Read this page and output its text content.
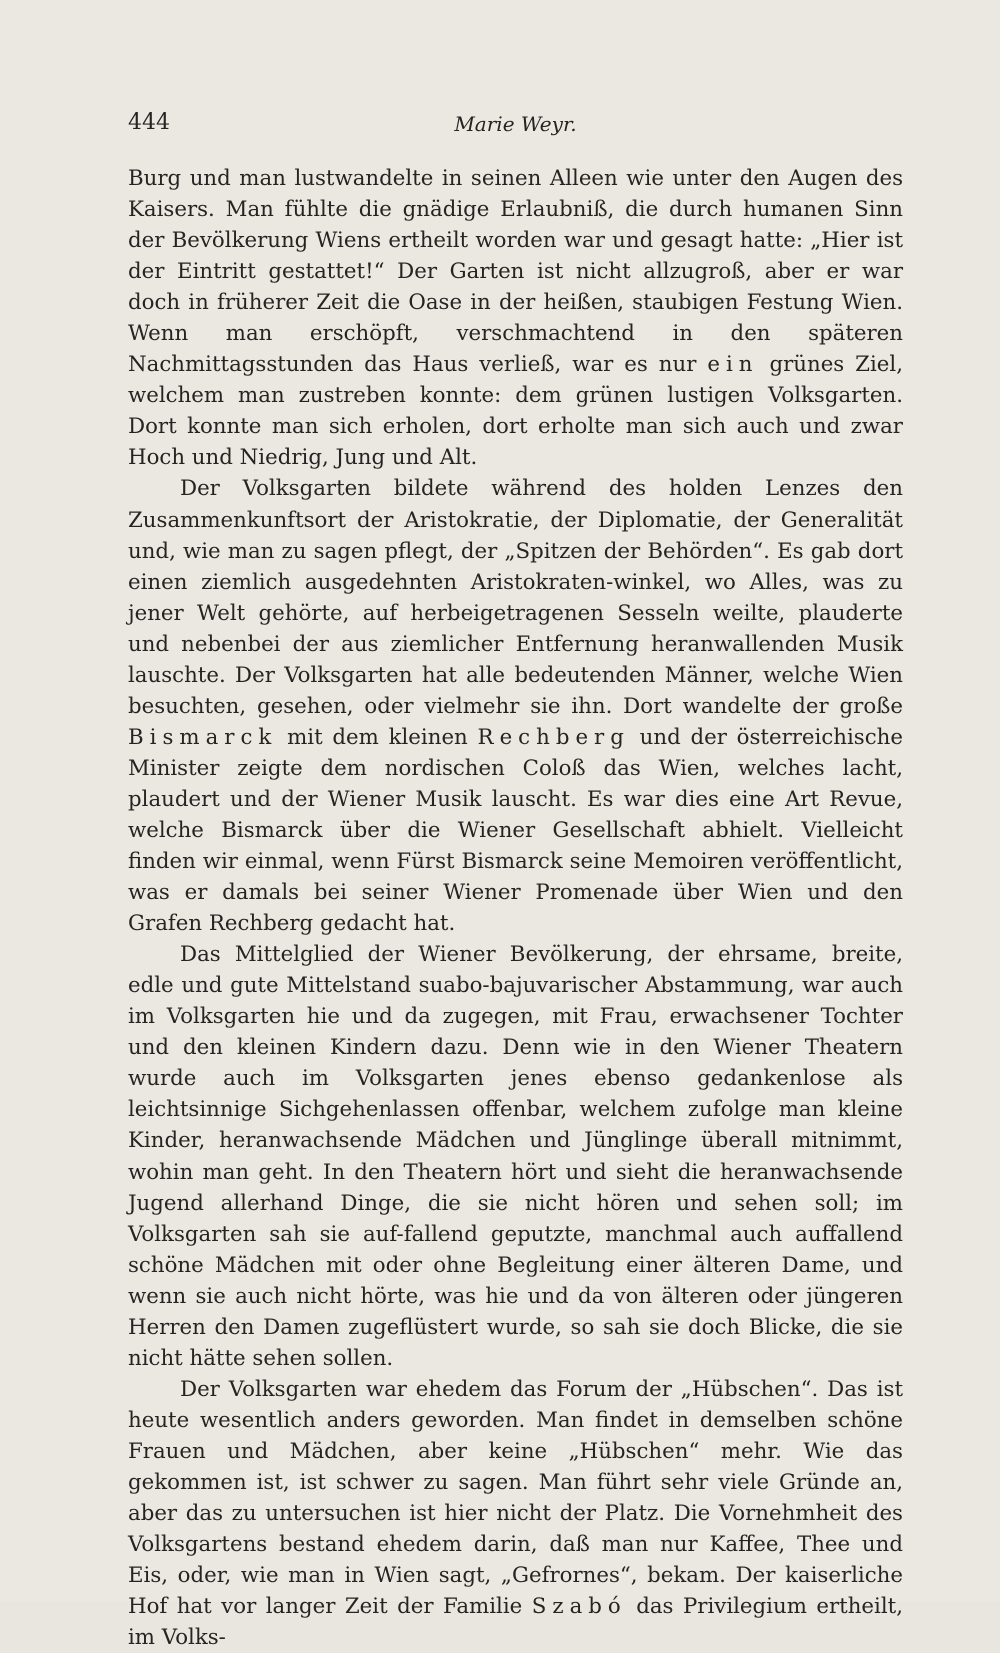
444	Marie Weyr.

Burg und man lustwandelte in seinen Alleen wie unter den Augen des Kaisers. Man fühlte die gnädige Erlaubniß, die durch humanen Sinn der Bevölkerung Wiens ertheilt worden war und gesagt hatte: „Hier ist der Eintritt gestattet!“ Der Garten ist nicht allzugroß, aber er war doch in früherer Zeit die Oase in der heißen, staubigen Festung Wien. Wenn man erschöpft, verschmachtend in den späteren Nachmittagsstunden das Haus verließ, war es nur ein grünes Ziel, welchem man zustreben konnte: dem grünen lustigen Volksgarten. Dort konnte man sich erholen, dort erholte man sich auch und zwar Hoch und Niedrig, Jung und Alt.

Der Volksgarten bildete während des holden Lenzes den Zusammenkunftsort der Aristokratie, der Diplomatie, der Generalität und, wie man zu sagen pflegt, der „Spitzen der Behörden“. Es gab dort einen ziemlich ausgedehnten Aristokraten-winkel, wo Alles, was zu jener Welt gehörte, auf herbeigetragenen Sesseln weilte, plauderte und nebenbei der aus ziemlicher Entfernung heranwallenden Musik lauschte. Der Volksgarten hat alle bedeutenden Männer, welche Wien besuchten, gesehen, oder vielmehr sie ihn. Dort wandelte der große Bismarck mit dem kleinen Rechberg und der österreichische Minister zeigte dem nordischen Coloß das Wien, welches lacht, plaudert und der Wiener Musik lauscht. Es war dies eine Art Revue, welche Bismarck über die Wiener Gesellschaft abhielt. Vielleicht finden wir einmal, wenn Fürst Bismarck seine Memoiren veröffentlicht, was er damals bei seiner Wiener Promenade über Wien und den Grafen Rechberg gedacht hat.

Das Mittelglied der Wiener Bevölkerung, der ehrsame, breite, edle und gute Mittelstand suabo-bajuvarischer Abstammung, war auch im Volksgarten hie und da zugegen, mit Frau, erwachsener Tochter und den kleinen Kindern dazu. Denn wie in den Wiener Theatern wurde auch im Volksgarten jenes ebenso gedankenlose als leichtsinnige Sichgehenlassen offenbar, welchem zufolge man kleine Kinder, heranwachsende Mädchen und Jünglinge überall mitnimmt, wohin man geht. In den Theatern hört und sieht die heranwachsende Jugend allerhand Dinge, die sie nicht hören und sehen soll; im Volksgarten sah sie auf-fallend geputzte, manchmal auch auffallend schöne Mädchen mit oder ohne Begleitung einer älteren Dame, und wenn sie auch nicht hörte, was hie und da von älteren oder jüngeren Herren den Damen zugeflüstert wurde, so sah sie doch Blicke, die sie nicht hätte sehen sollen.

Der Volksgarten war ehedem das Forum der „Hübschen“. Das ist heute wesentlich anders geworden. Man findet in demselben schöne Frauen und Mädchen, aber keine „Hübschen“ mehr. Wie das gekommen ist, ist schwer zu sagen. Man führt sehr viele Gründe an, aber das zu untersuchen ist hier nicht der Platz. Die Vornehmheit des Volksgartens bestand ehedem darin, daß man nur Kaffee, Thee und Eis, oder, wie man in Wien sagt, „Gefrornes“, bekam. Der kaiserliche Hof hat vor langer Zeit der Familie Szabó das Privilegium ertheilt, im Volks-
